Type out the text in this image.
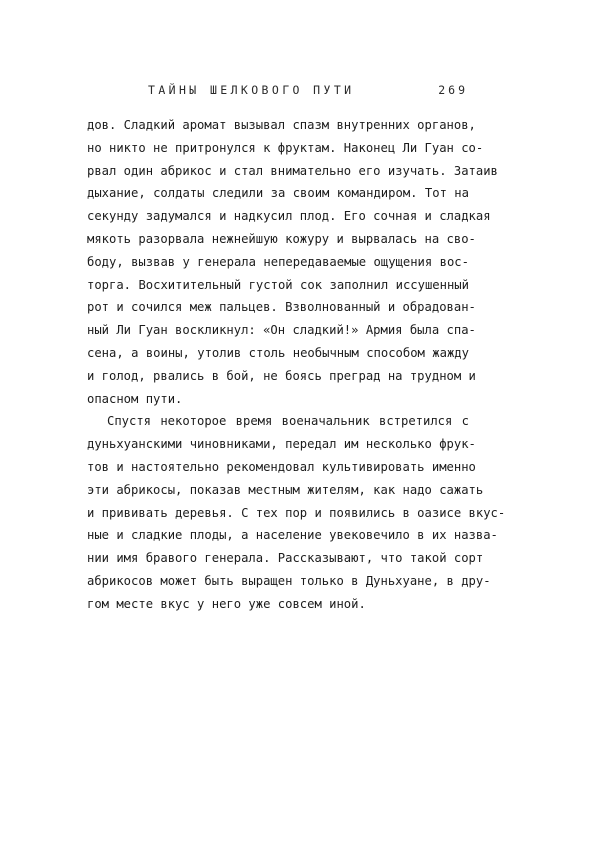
ТАЙНЫ ШЕЛКОВОГО ПУТИ	269
дов. Сладкий аромат вызывал спазм внутренних органов,
но никто не притронулся к фруктам. Наконец Ли Гуан со-
рвал один абрикос и стал внимательно его изучать. Затаив
дыхание, солдаты следили за своим командиром. Тот на
секунду задумался и надкусил плод. Его сочная и сладкая
мякоть разорвала нежнейшую кожуру и вырвалась на сво-
боду, вызвав у генерала непередаваемые ощущения вос-
торга. Восхитительный густой сок заполнил иссушенный
рот и сочился меж пальцев. Взволнованный и обрадован-
ный Ли Гуан воскликнул: «Он сладкий!» Армия была спа-
сена, а воины, утолив столь необычным способом жажду
и голод, рвались в бой, не боясь преград на трудном и
опасном пути.
Спустя некоторое время военачальник встретился с
дуньхуанскими чиновниками, передал им несколько фрук-
тов и настоятельно рекомендовал культивировать именно
эти абрикосы, показав местным жителям, как надо сажать
и прививать деревья. С тех пор и появились в оазисе вкус-
ные и сладкие плоды, а население увековечило в их назва-
нии имя бравого генерала. Рассказывают, что такой сорт
абрикосов может быть выращен только в Дуньхуане, в дру-
гом месте вкус у него уже совсем иной.
